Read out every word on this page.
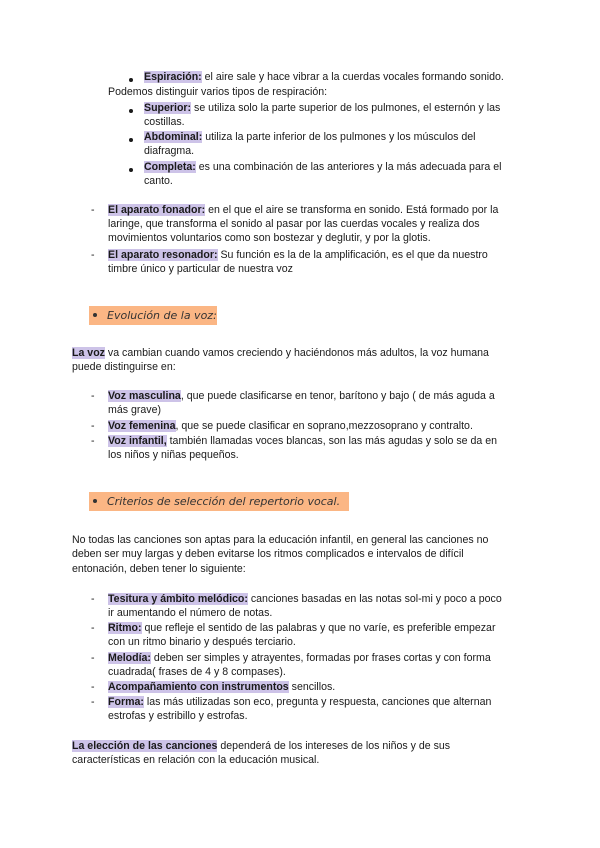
Espiración: el aire sale y hace vibrar a la cuerdas vocales formando sonido.
Podemos distinguir varios tipos de respiración:
Superior: se utiliza solo la parte superior de los pulmones, el esternón y las
costillas.
Abdominal: utiliza la parte inferior de los pulmones y los músculos del
diafragma.
Completa: es una combinación de las anteriores y la más adecuada para el
canto.
- El aparato fonador: en el que el aire se transforma en sonido. Está formado por la
laringe, que transforma el sonido al pasar por las cuerdas vocales y realiza dos
movimientos voluntarios como son bostezar y deglutir, y por la glotis.
- El aparato resonador: Su función es la de la amplificación, es el que da nuestro
timbre único y particular de nuestra voz
Evolución de la voz:
La voz va cambian cuando vamos creciendo y haciéndonos más adultos, la voz humana
puede distinguirse en:
- Voz masculina, que puede clasificarse en tenor, barítono y bajo ( de más aguda a
más grave)
- Voz femenina, que se puede clasificar en soprano,mezzosoprano y contralto.
- Voz infantil, también llamadas voces blancas, son las más agudas y solo se da en
los niños y niñas pequeños.
Criterios de selección del repertorio vocal.
No todas las canciones son aptas para la educación infantil, en general las canciones no
deben ser muy largas y deben evitarse los ritmos complicados e intervalos de difícil
entonación, deben tener lo siguiente:
- Tesitura y ámbito melódico: canciones basadas en las notas sol-mi y poco a poco
ir aumentando el número de notas.
- Ritmo: que refleje el sentido de las palabras y que no varíe, es preferible empezar
con un ritmo binario y después terciario.
- Melodía: deben ser simples y atrayentes, formadas por frases cortas y con forma
cuadrada( frases de 4 y 8 compases).
- Acompañamiento con instrumentos sencillos.
- Forma: las más utilizadas son eco, pregunta y respuesta, canciones que alternan
estrofas y estribillo y estrofas.
La elección de las canciones dependerá de los intereses de los niños y de sus
características en relación con la educación musical.
